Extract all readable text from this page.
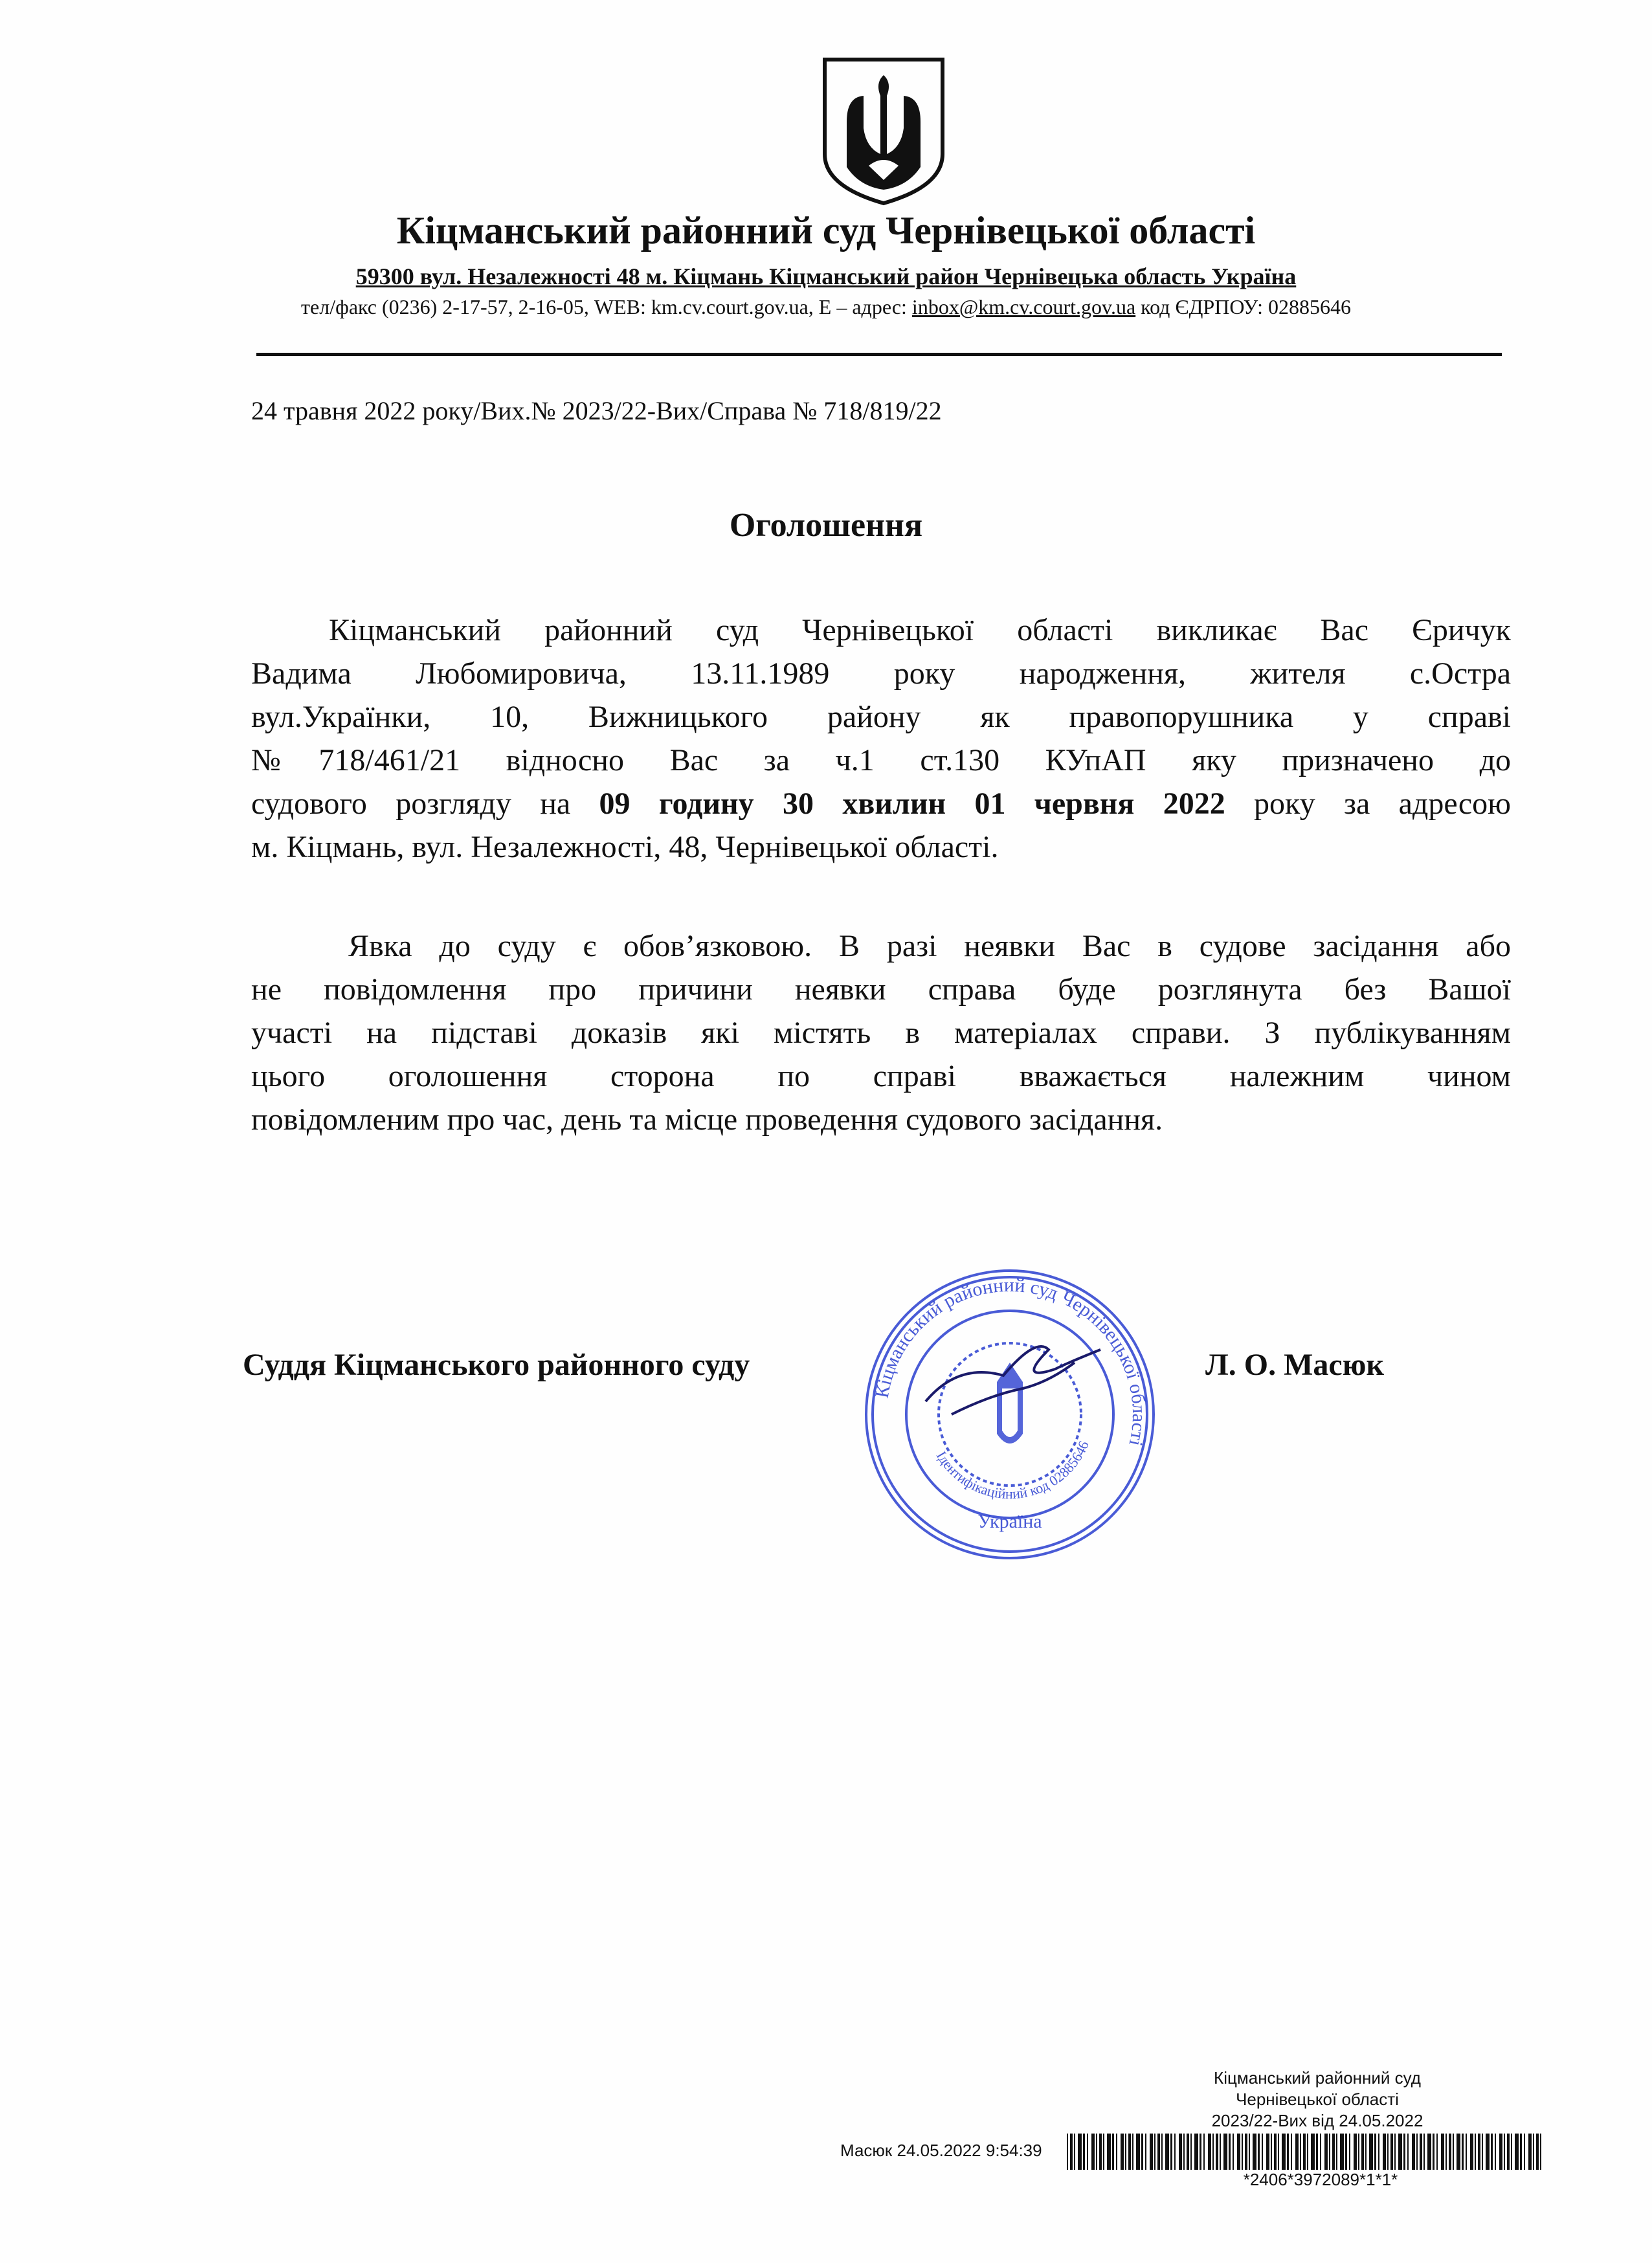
Кіцманський районний суд Чернівецької області
59300 вул. Незалежності 48 м. Кіцмань Кіцманський район Чернівецька область Україна
тел/факс (0236) 2-17-57, 2-16-05, WEB: km.cv.court.gov.ua, E – адрес: inbox@km.cv.court.gov.ua код ЄДРПОУ: 02885646
24 травня 2022 року/Вих.№ 2023/22-Вих/Справа № 718/819/22
Оголошення
Кіцманський районний суд Чернівецької області викликає Вас Єричук
Вадима Любомировича, 13.11.1989 року народження, жителя с.Остра
вул.Українки, 10, Вижницького району як правопорушника у справі
№718/461/21 відносно Вас за ч.1 ст.130 КУпАП яку призначено до
судового розгляду на 09 годину 30 хвилин 01 червня 2022 року за адресою
м. Кіцмань, вул. Незалежності, 48, Чернівецької області.
Явка до суду є обов’язковою. В разі неявки Вас в судове засідання або
не повідомлення про причини неявки справа буде розглянута без Вашої
участі на підставі доказів які містять в матеріалах справи. З публікуванням
цього оголошення сторона по справі вважається належним чином
повідомленим про час, день та місце проведення судового засідання.
Суддя Кіцманського районного суду	Л. О. Масюк
Кіцманський районний суд Чернівецької області
Ідентифікаційний код 02885646
Україна
Кіцманський районний суд
Чернівецької області
2023/22-Вих від 24.05.2022
Масюк 24.05.2022 9:54:39
*2406*3972089*1*1*
